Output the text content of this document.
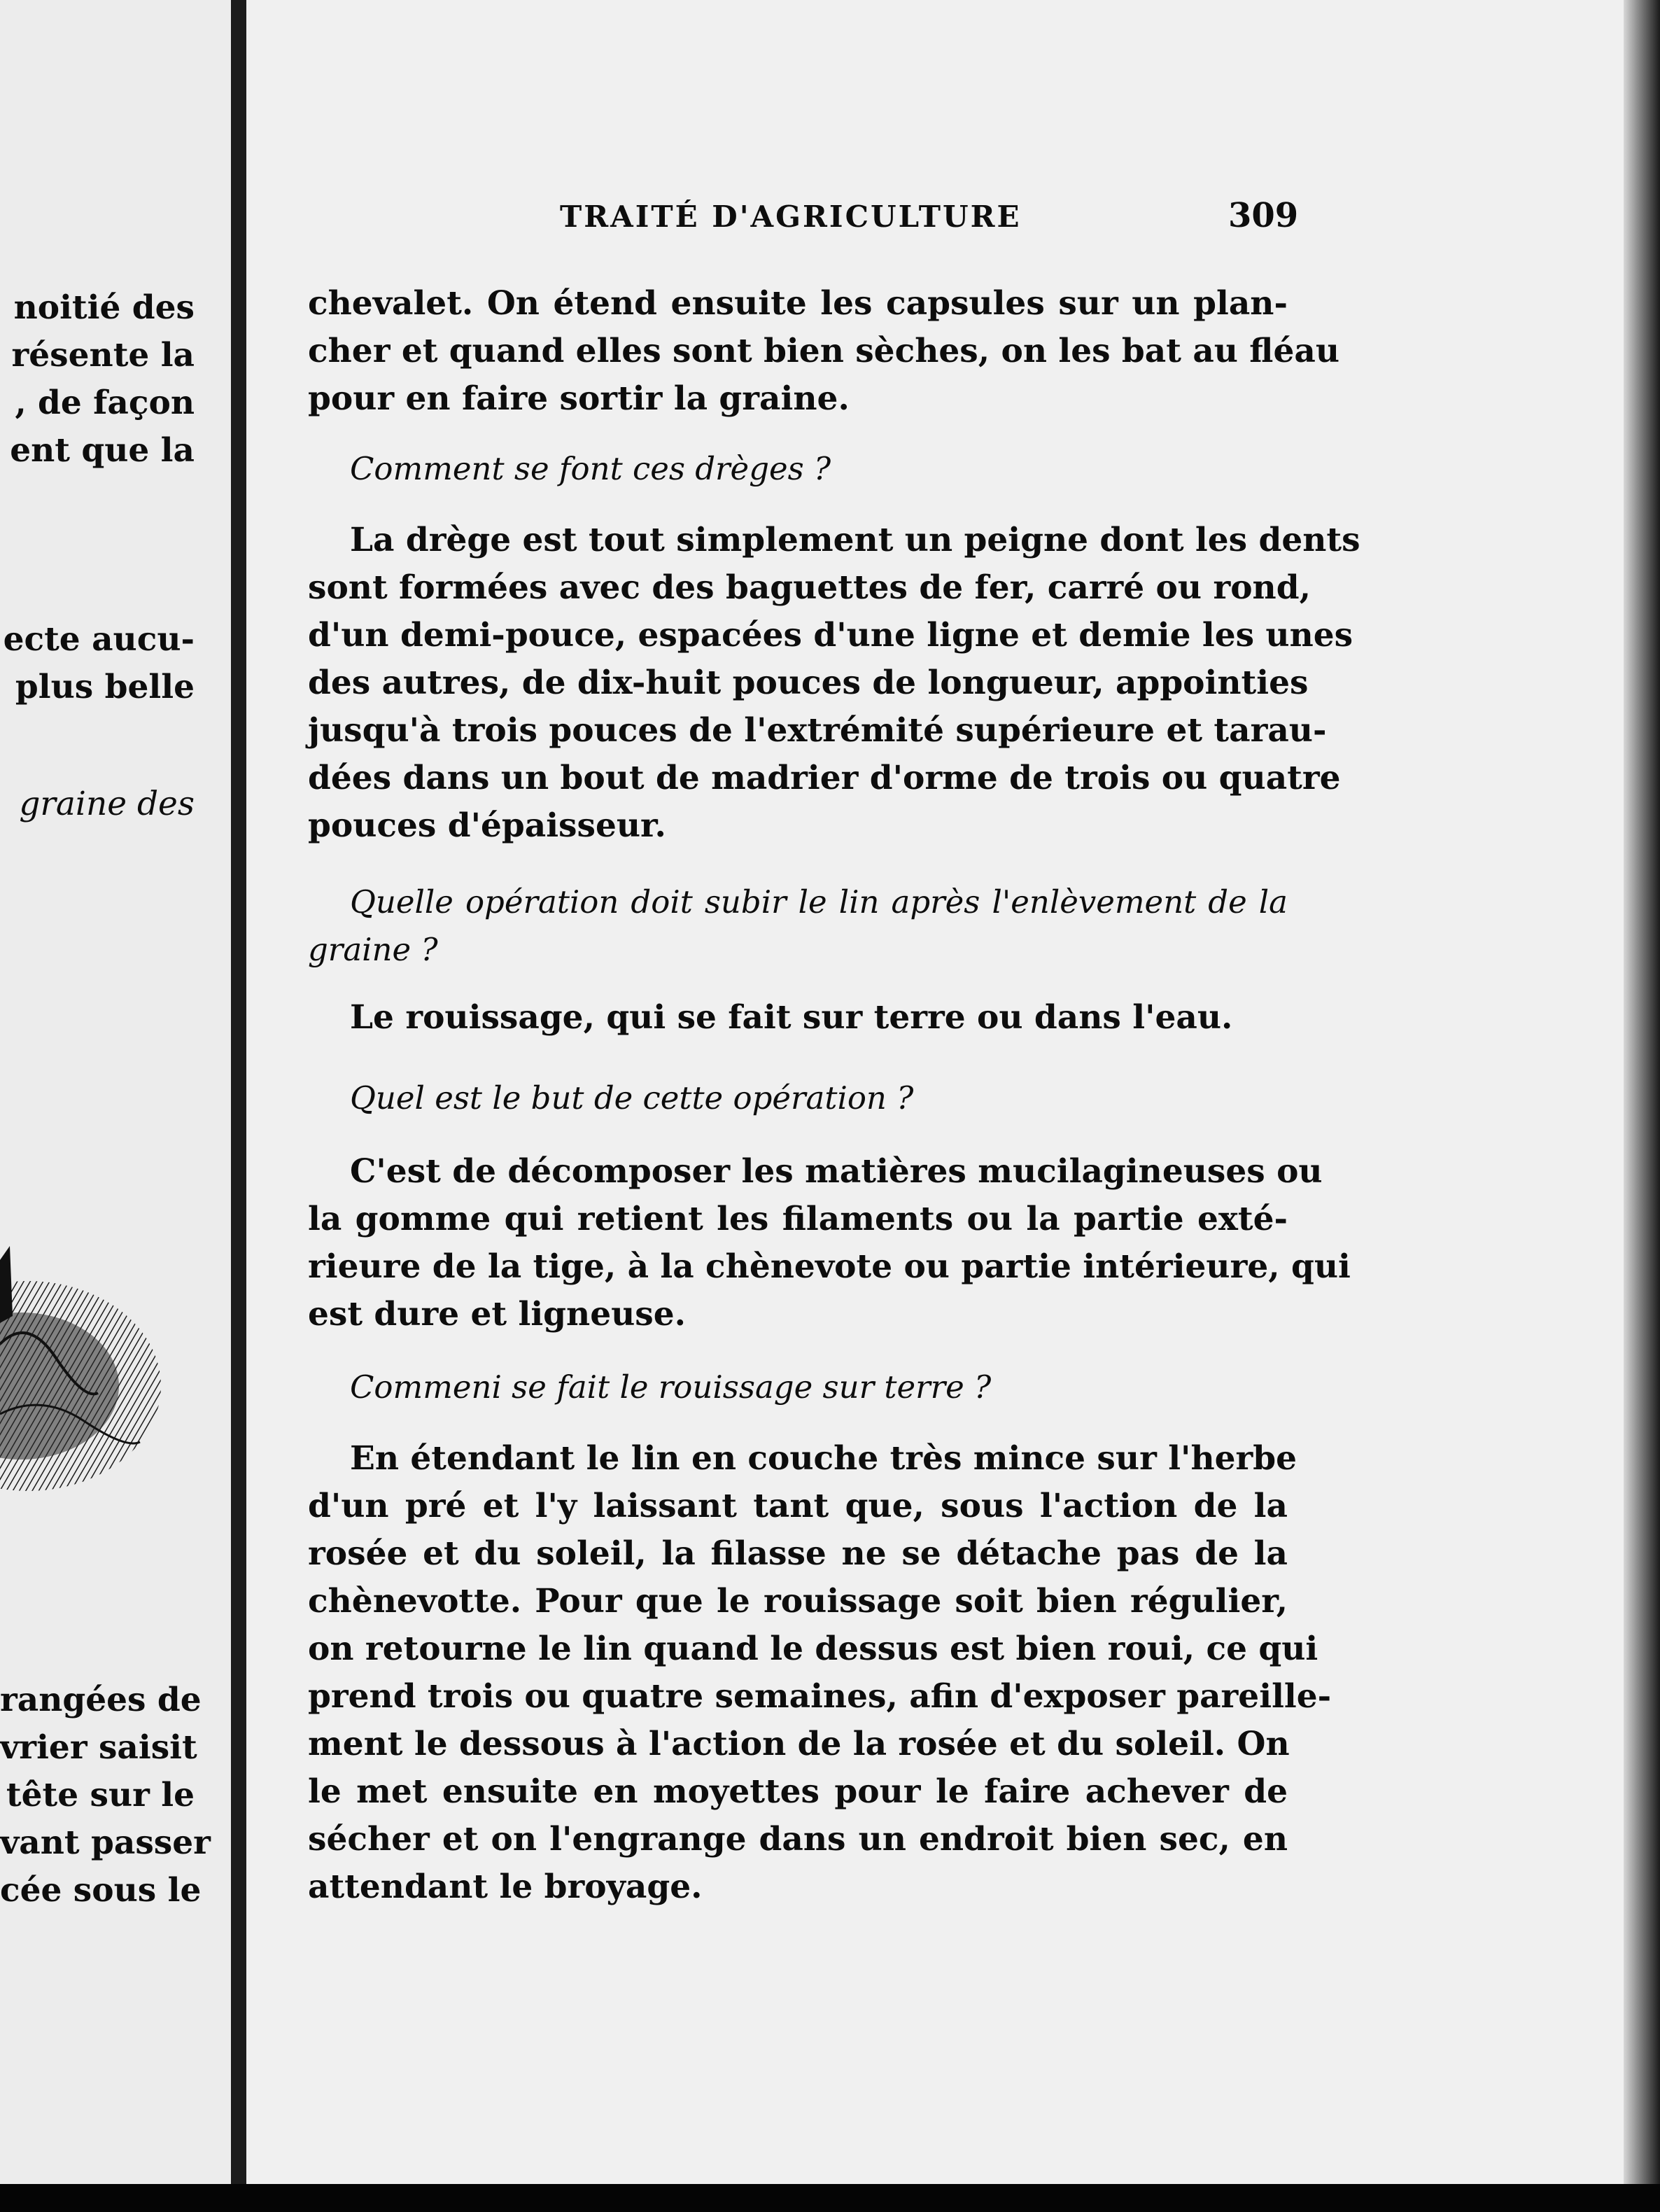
noitié des
résente la
, de façon
ent que la
ecte aucu-
plus belle
graine des
rangées de
vrier saisit
tête sur le
vant passer
cée sous le
TRAITÉ D'AGRICULTURE	309
chevalet. On étend ensuite les capsules sur un plan-
cher et quand elles sont bien sèches, on les bat au fléau
pour en faire sortir la graine.
Comment se font ces drèges ?
La drège est tout simplement un peigne dont les dents
sont formées avec des baguettes de fer, carré ou rond,
d'un demi-pouce, espacées d'une ligne et demie les unes
des autres, de dix-huit pouces de longueur, appointies
jusqu'à trois pouces de l'extrémité supérieure et tarau-
dées dans un bout de madrier d'orme de trois ou quatre
pouces d'épaisseur.
Quelle opération doit subir le lin après l'enlèvement de la
graine ?
Le rouissage, qui se fait sur terre ou dans l'eau.
Quel est le but de cette opération ?
C'est de décomposer les matières mucilagineuses ou
la gomme qui retient les filaments ou la partie exté-
rieure de la tige, à la chènevote ou partie intérieure, qui
est dure et ligneuse.
Commeni se fait le rouissage sur terre ?
En étendant le lin en couche très mince sur l'herbe
d'un pré et l'y laissant tant que, sous l'action de la
rosée et du soleil, la filasse ne se détache pas de la
chènevotte. Pour que le rouissage soit bien régulier,
on retourne le lin quand le dessus est bien roui, ce qui
prend trois ou quatre semaines, afin d'exposer pareille-
ment le dessous à l'action de la rosée et du soleil. On
le met ensuite en moyettes pour le faire achever de
sécher et on l'engrange dans un endroit bien sec, en
attendant le broyage.
